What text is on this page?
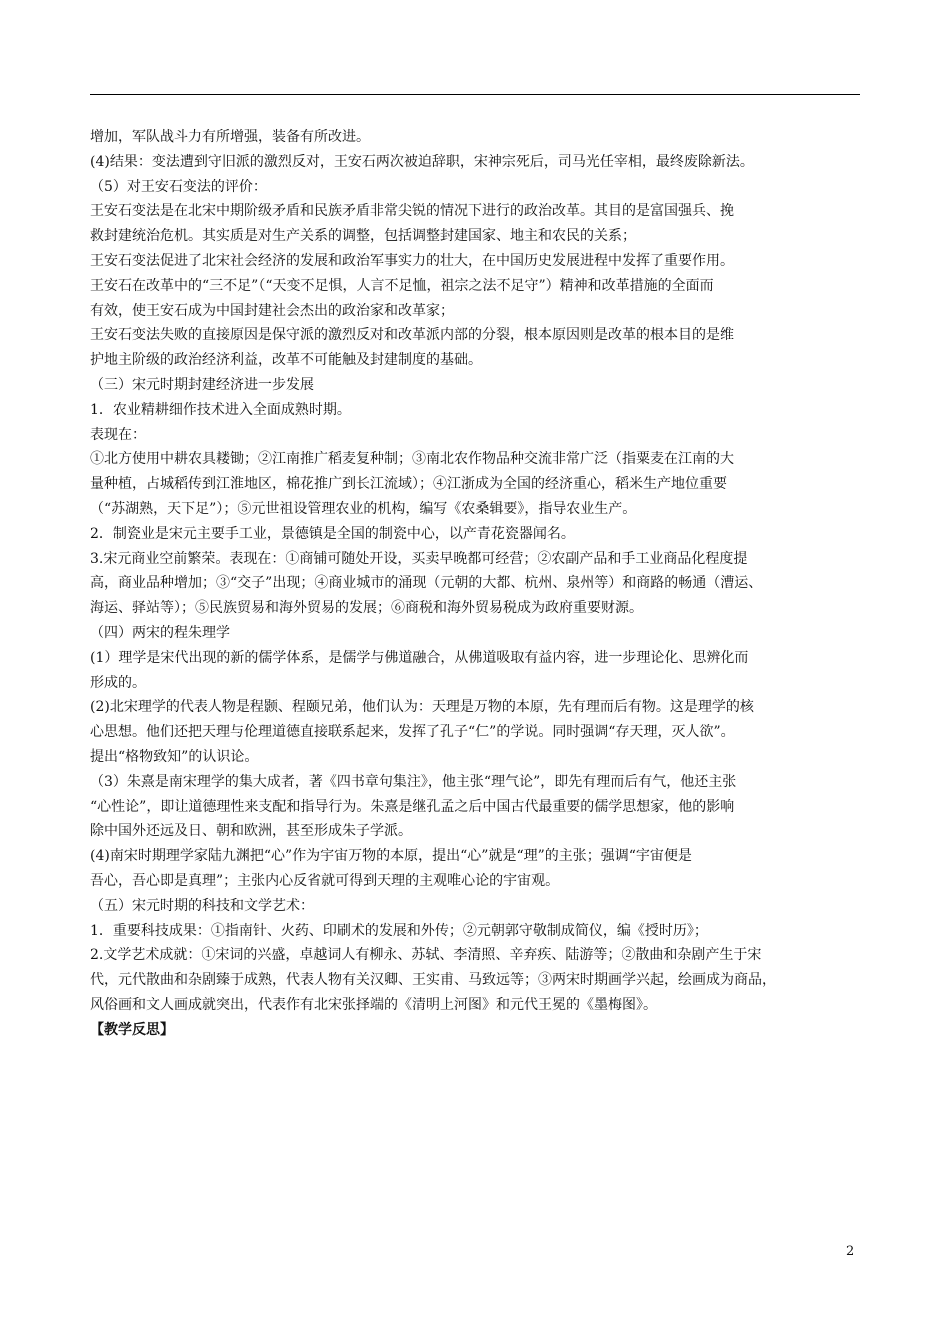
增加，军队战斗力有所增强，装备有所改进。
(4)结果：变法遭到守旧派的激烈反对，王安石两次被迫辞职，宋神宗死后，司马光任宰相，最终废除新法。
（5）对王安石变法的评价：
王安石变法是在北宋中期阶级矛盾和民族矛盾非常尖锐的情况下进行的政治改革。其目的是富国强兵、挽
救封建统治危机。其实质是对生产关系的调整，包括调整封建国家、地主和农民的关系；
王安石变法促进了北宋社会经济的发展和政治军事实力的壮大，在中国历史发展进程中发挥了重要作用。
王安石在改革中的“三不足”（“天变不足惧，人言不足恤，祖宗之法不足守”）精神和改革措施的全面而
有效，使王安石成为中国封建社会杰出的政治家和改革家；
王安石变法失败的直接原因是保守派的激烈反对和改革派内部的分裂，根本原因则是改革的根本目的是维
护地主阶级的政治经济利益，改革不可能触及封建制度的基础。
（三）宋元时期封建经济进一步发展
1．农业精耕细作技术进入全面成熟时期。
表现在：
①北方使用中耕农具耧锄；②江南推广稻麦复种制；③南北农作物品种交流非常广泛（指粟麦在江南的大
量种植，占城稻传到江淮地区，棉花推广到长江流域）；④江浙成为全国的经济重心，稻米生产地位重要
（“苏湖熟，天下足”）；⑤元世祖设管理农业的机构，编写《农桑辑要》，指导农业生产。
2．制瓷业是宋元主要手工业，景德镇是全国的制瓷中心，以产青花瓷器闻名。
3.宋元商业空前繁荣。表现在：①商铺可随处开设，买卖早晚都可经营；②农副产品和手工业商品化程度提
高，商业品种增加；③“交子”出现；④商业城市的涌现（元朝的大都、杭州、泉州等）和商路的畅通（漕运、
海运、驿站等）；⑤民族贸易和海外贸易的发展；⑥商税和海外贸易税成为政府重要财源。
（四）两宋的程朱理学
(1）理学是宋代出现的新的儒学体系，是儒学与佛道融合，从佛道吸取有益内容，进一步理论化、思辨化而
形成的。
(2)北宋理学的代表人物是程颢、程颐兄弟，他们认为：天理是万物的本原，先有理而后有物。这是理学的核
心思想。他们还把天理与伦理道德直接联系起来，发挥了孔子“仁”的学说。同时强调“存天理，灭人欲”。
提出“格物致知”的认识论。
（3）朱熹是南宋理学的集大成者，著《四书章句集注》，他主张“理气论”，即先有理而后有气，他还主张
“心性论”，即让道德理性来支配和指导行为。朱熹是继孔孟之后中国古代最重要的儒学思想家，他的影响
除中国外还远及日、朝和欧洲，甚至形成朱子学派。
(4)南宋时期理学家陆九渊把“心”作为宇宙万物的本原，提出“心”就是“理”的主张；强调“宇宙便是
吾心，吾心即是真理”；主张内心反省就可得到天理的主观唯心论的宇宙观。
（五）宋元时期的科技和文学艺术：
1．重要科技成果：①指南针、火药、印刷术的发展和外传；②元朝郭守敬制成简仪，编《授时历》；
2.文学艺术成就：①宋词的兴盛，卓越词人有柳永、苏轼、李清照、辛弃疾、陆游等；②散曲和杂剧产生于宋
代，元代散曲和杂剧臻于成熟，代表人物有关汉卿、王实甫、马致远等；③两宋时期画学兴起，绘画成为商品，
风俗画和文人画成就突出，代表作有北宋张择端的《清明上河图》和元代王冕的《墨梅图》。
【教学反思】
2
